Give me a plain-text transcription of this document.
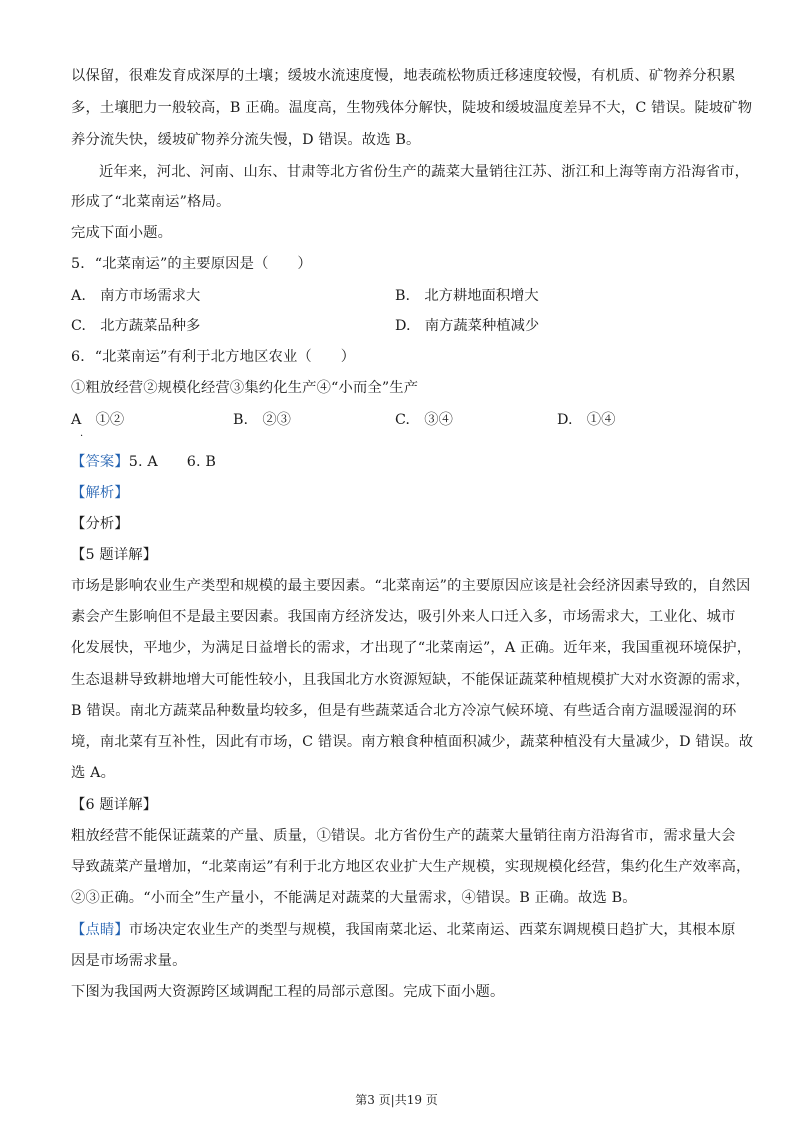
以保留，很难发育成深厚的土壤；缓坡水流速度慢，地表疏松物质迁移速度较慢，有机质、矿物养分积累
多，土壤肥力一般较高，B 正确。温度高，生物残体分解快，陡坡和缓坡温度差异不大，C 错误。陡坡矿物
养分流失快，缓坡矿物养分流失慢，D 错误。故选 B。
近年来，河北、河南、山东、甘肃等北方省份生产的蔬菜大量销往江苏、浙江和上海等南方沿海省市，
形成了“北菜南运”格局。
完成下面小题。
5．“北菜南运”的主要原因是（　　）
A.　南方市场需求大	B.　北方耕地面积增大
C.　北方蔬菜品种多	D.　南方蔬菜种植减少
6．“北菜南运”有利于北方地区农业（　　）
①粗放经营②规模化经营③集约化生产④“小而全”生产
A　①②
·
B.　②③	C.　③④	D.　①④
【答案】5. A　　6. B
【解析】
【分析】
【5 题详解】
市场是影响农业生产类型和规模的最主要因素。“北菜南运”的主要原因应该是社会经济因素导致的，自然因
素会产生影响但不是最主要因素。我国南方经济发达，吸引外来人口迁入多，市场需求大，工业化、城市
化发展快，平地少，为满足日益增长的需求，才出现了“北菜南运”，A 正确。近年来，我国重视环境保护，
生态退耕导致耕地增大可能性较小，且我国北方水资源短缺，不能保证蔬菜种植规模扩大对水资源的需求，
B 错误。南北方蔬菜品种数量均较多，但是有些蔬菜适合北方冷凉气候环境、有些适合南方温暖湿润的环
境，南北菜有互补性，因此有市场，C 错误。南方粮食种植面积减少，蔬菜种植没有大量减少，D 错误。故
选 A。
【6 题详解】
粗放经营不能保证蔬菜的产量、质量，①错误。北方省份生产的蔬菜大量销往南方沿海省市，需求量大会
导致蔬菜产量增加，“北菜南运”有利于北方地区农业扩大生产规模，实现规模化经营，集约化生产效率高，
②③正确。“小而全”生产量小，不能满足对蔬菜的大量需求，④错误。B 正确。故选 B。
【点睛】市场决定农业生产的类型与规模，我国南菜北运、北菜南运、西菜东调规模日趋扩大，其根本原
因是市场需求量。
下图为我国两大资源跨区域调配工程的局部示意图。完成下面小题。
第3 页|共19 页
